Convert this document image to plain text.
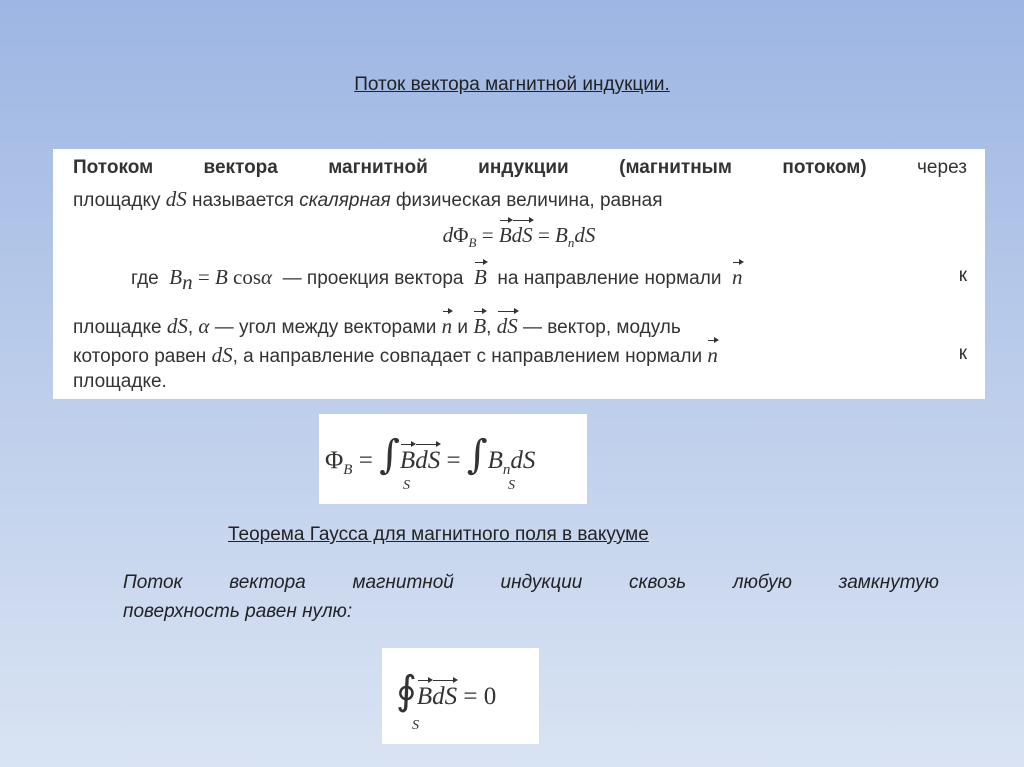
Поток вектора магнитной индукции.
Потоком	вектора	магнитной	индукции	(магнитным	потоком)	через
площадку dS называется скалярная физическая величина, равная
$d\Phi_B$ = BdS = $B_ndS$
где $B_n = B$ cosα — проекция вектора B на направление нормали n	к
площадке dS, α — угол между векторами n и B, dS — вектор, модуль
которого равен dS, а направление совпадает с направлением нормали n	к
площадке.
$\Phi_B = \int BdS = \int B_ndS$
S	S
Теорема Гаусса для магнитного поля в вакууме
Поток вектора магнитной индукции сквозь любую замкнутую
поверхность равен нулю:
∮BdS = 0
S
